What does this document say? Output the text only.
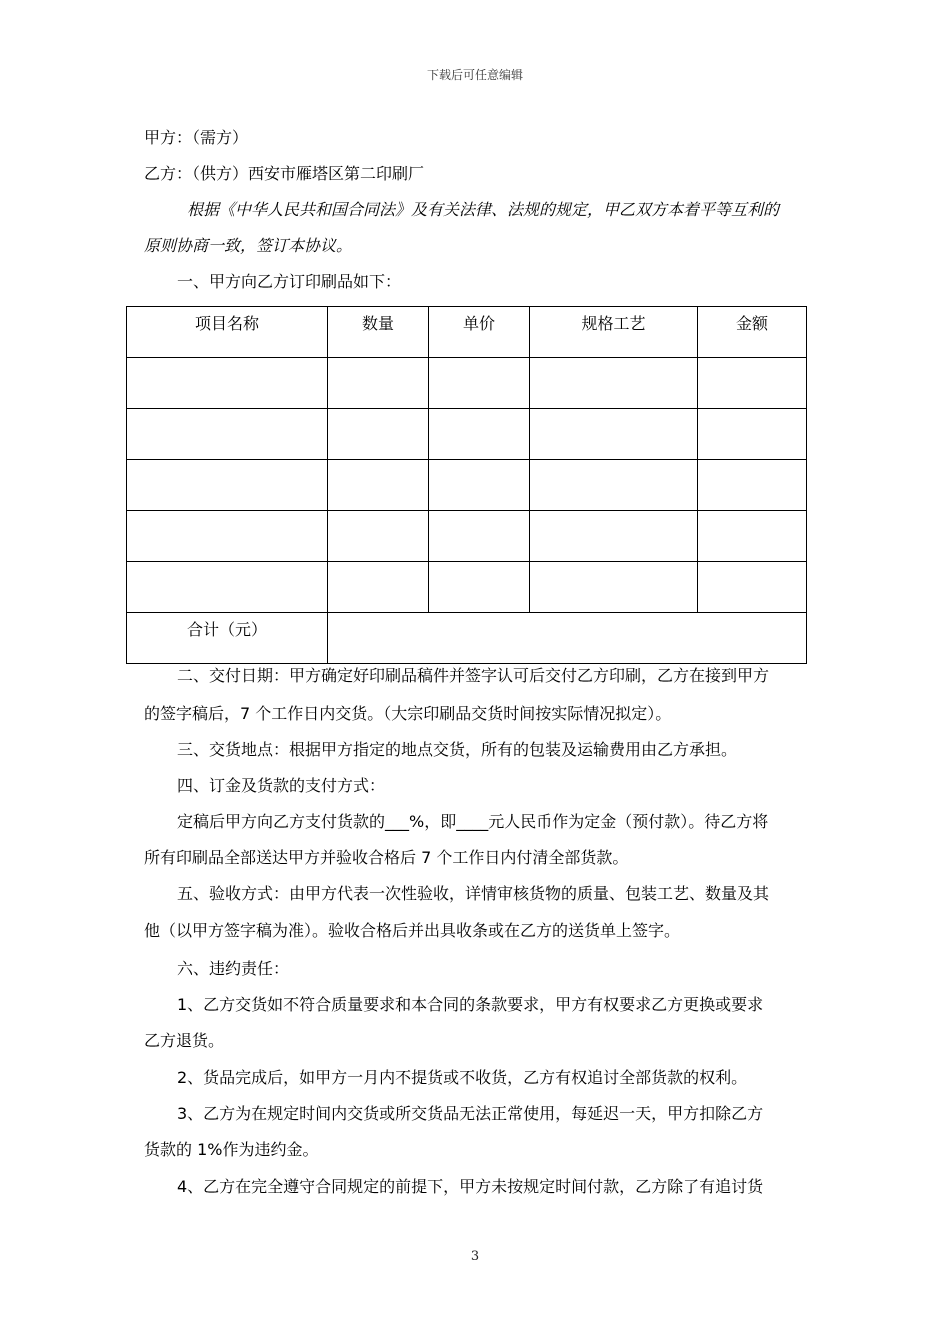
下载后可任意编辑
甲方：（需方）
乙方：（供方）西安市雁塔区第二印刷厂
根据《中华人民共和国合同法》及有关法律、法规的规定，甲乙双方本着平等互利的
原则协商一致，签订本协议。
一、甲方向乙方订印刷品如下：
项目名称	数量	单价	规格工艺	金额

合计（元）				

二、交付日期：甲方确定好印刷品稿件并签字认可后交付乙方印刷，乙方在接到甲方
的签字稿后，7 个工作日内交货。（大宗印刷品交货时间按实际情况拟定）。
三、交货地点：根据甲方指定的地点交货，所有的包装及运输费用由乙方承担。
四、订金及货款的支付方式：
定稿后甲方向乙方支付货款的___%，即____元人民币作为定金（预付款）。待乙方将
所有印刷品全部送达甲方并验收合格后 7 个工作日内付清全部货款。
五、验收方式：由甲方代表一次性验收，详情审核货物的质量、包装工艺、数量及其
他（以甲方签字稿为准）。验收合格后并出具收条或在乙方的送货单上签字。
六、违约责任：
1、乙方交货如不符合质量要求和本合同的条款要求，甲方有权要求乙方更换或要求
乙方退货。
2、货品完成后，如甲方一月内不提货或不收货，乙方有权追讨全部货款的权利。
3、乙方为在规定时间内交货或所交货品无法正常使用，每延迟一天，甲方扣除乙方
货款的 1%作为违约金。
4、乙方在完全遵守合同规定的前提下，甲方未按规定时间付款，乙方除了有追讨货
3
